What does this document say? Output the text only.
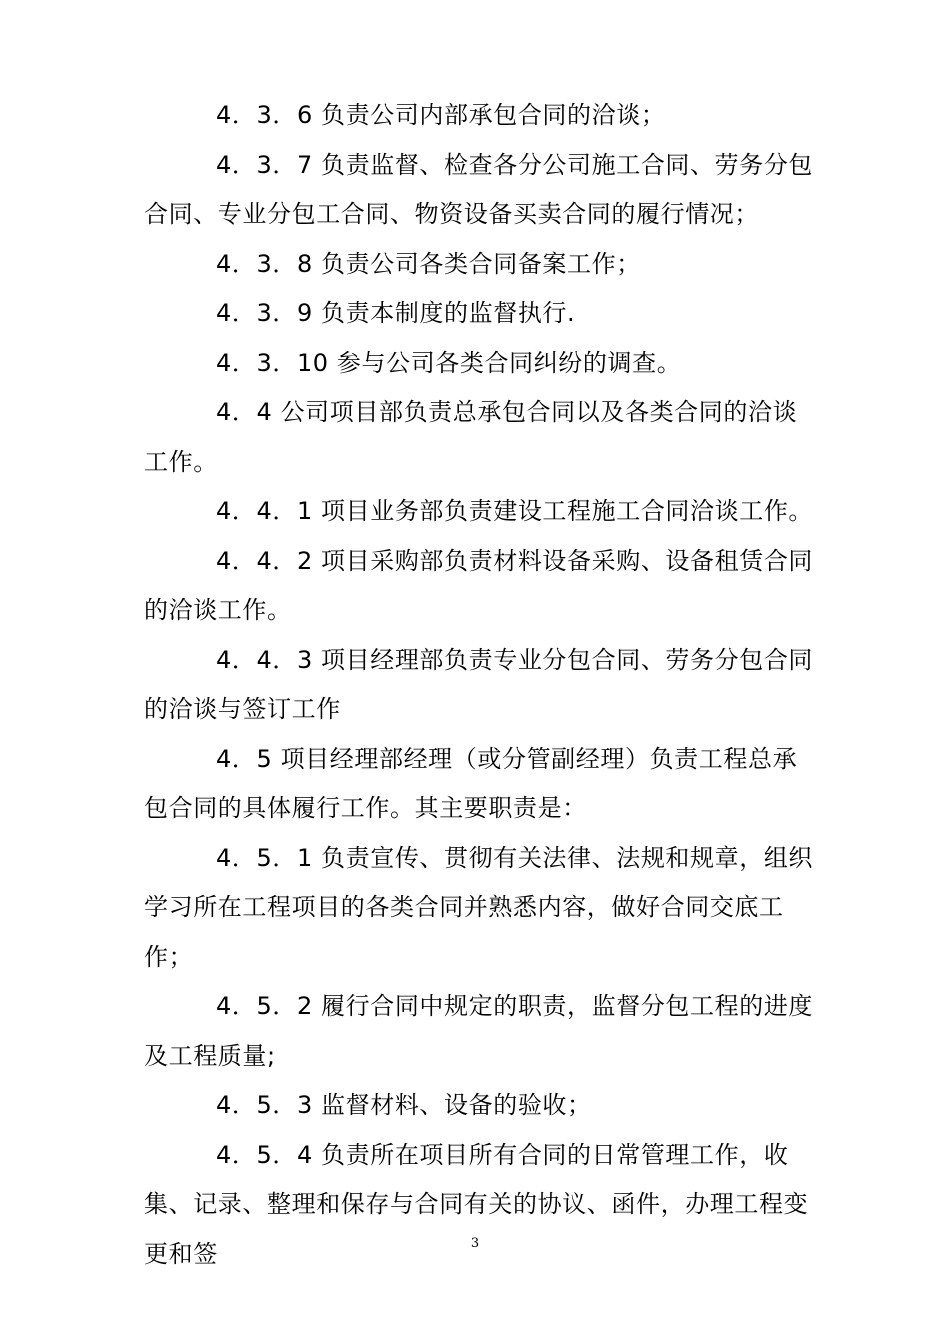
4．3．6 负责公司内部承包合同的洽谈；

4．3．7 负责监督、检查各分公司施工合同、劳务分包合同、专业分包工合同、物资设备买卖合同的履行情况；

4．3．8 负责公司各类合同备案工作；

4．3．9 负责本制度的监督执行.

4．3．10 参与公司各类合同纠纷的调查。

4．4 公司项目部负责总承包合同以及各类合同的洽谈工作。

4．4．1 项目业务部负责建设工程施工合同洽谈工作。

4．4．2 项目采购部负责材料设备采购、设备租赁合同的洽谈工作。

4．4．3 项目经理部负责专业分包合同、劳务分包合同的洽谈与签订工作

4．5 项目经理部经理（或分管副经理）负责工程总承包合同的具体履行工作。其主要职责是：

4．5．1 负责宣传、贯彻有关法律、法规和规章，组织学习所在工程项目的各类合同并熟悉内容，做好合同交底工作；

4．5．2 履行合同中规定的职责，监督分包工程的进度及工程质量;

4．5．3 监督材料、设备的验收；

4．5．4 负责所在项目所有合同的日常管理工作，收集、记录、整理和保存与合同有关的协议、函件，办理工程变更和签	3
